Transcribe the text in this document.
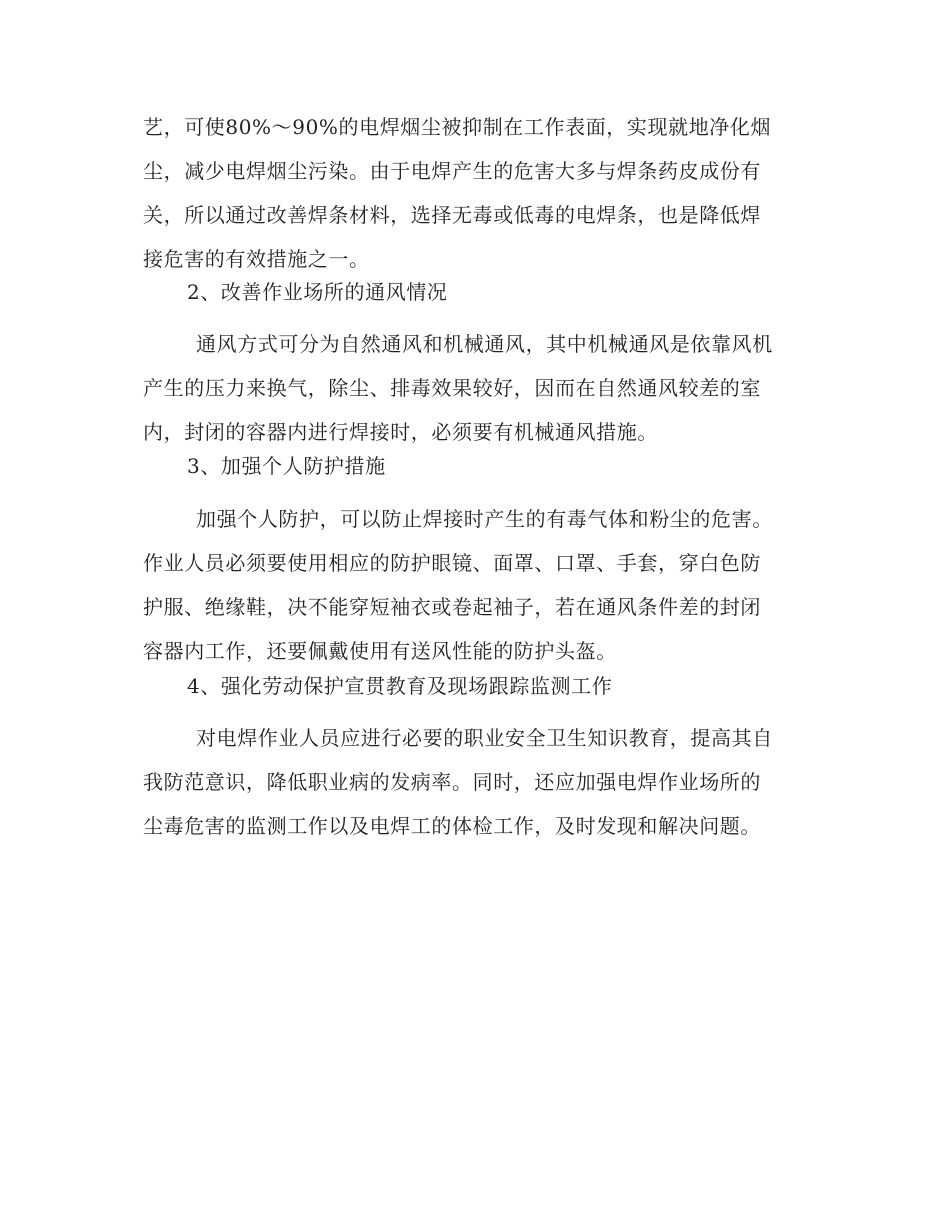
艺，可使80%～90%的电焊烟尘被抑制在工作表面，实现就地净化烟
尘，减少电焊烟尘污染。由于电焊产生的危害大多与焊条药皮成份有
关，所以通过改善焊条材料，选择无毒或低毒的电焊条，也是降低焊
接危害的有效措施之一。
2、改善作业场所的通风情况
通风方式可分为自然通风和机械通风，其中机械通风是依靠风机
产生的压力来换气，除尘、排毒效果较好，因而在自然通风较差的室
内，封闭的容器内进行焊接时，必须要有机械通风措施。
3、加强个人防护措施
加强个人防护，可以防止焊接时产生的有毒气体和粉尘的危害。
作业人员必须要使用相应的防护眼镜、面罩、口罩、手套，穿白色防
护服、绝缘鞋，决不能穿短袖衣或卷起袖子，若在通风条件差的封闭
容器内工作，还要佩戴使用有送风性能的防护头盔。
4、强化劳动保护宣贯教育及现场跟踪监测工作
对电焊作业人员应进行必要的职业安全卫生知识教育，提高其自
我防范意识，降低职业病的发病率。同时，还应加强电焊作业场所的
尘毒危害的监测工作以及电焊工的体检工作，及时发现和解决问题。
